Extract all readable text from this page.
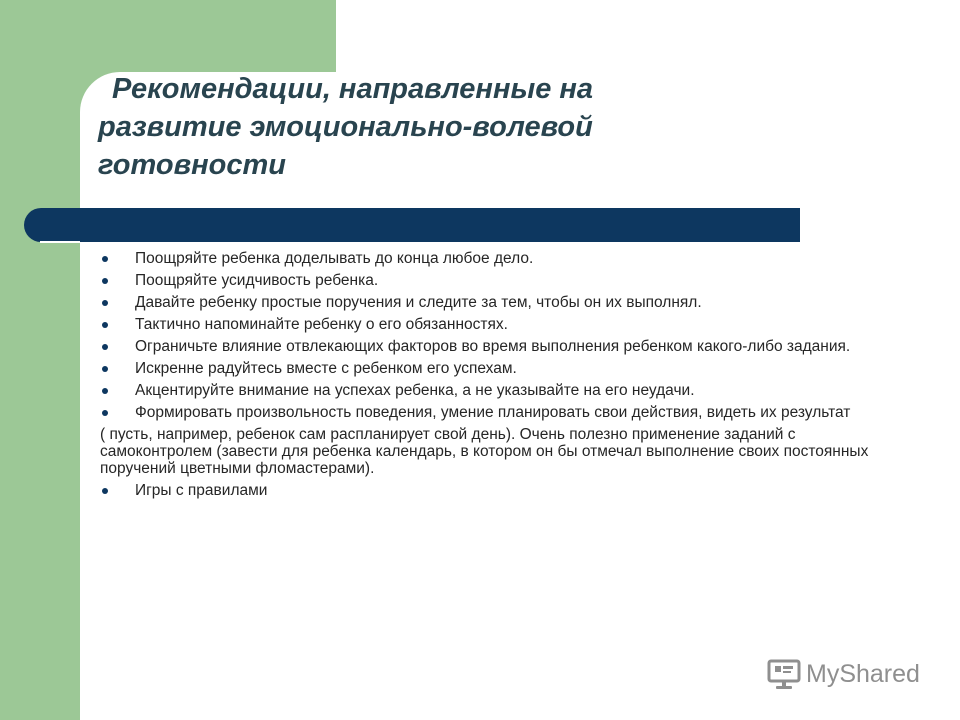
Рекомендации, направленные на
развитие эмоционально-волевой
готовности
Поощряйте ребенка доделывать до конца любое дело.
Поощряйте усидчивость ребенка.
Давайте ребенку простые поручения и следите за тем, чтобы он их выполнял.
Тактично напоминайте ребенку о его обязанностях.
Ограничьте влияние отвлекающих факторов во время выполнения ребенком какого-либо задания.
Искренне радуйтесь вместе с ребенком его успехам.
Акцентируйте внимание на успехах ребенка, а не указывайте на его неудачи.
Формировать произвольность поведения, умение планировать свои действия, видеть их результат
( пусть, например, ребенок сам распланирует свой день). Очень полезно применение заданий с самоконтролем (завести для ребенка календарь, в котором он бы отмечал выполнение своих постоянных поручений цветными фломастерами).
Игры с правилами
MyShared
